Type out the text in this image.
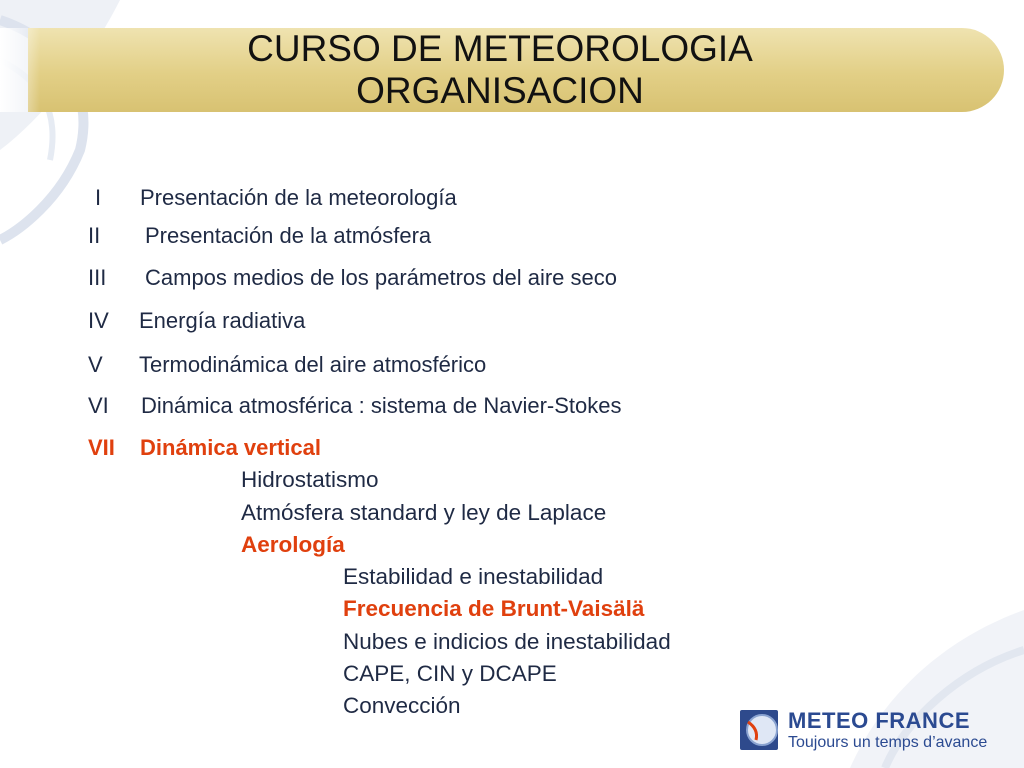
CURSO DE METEOROLOGIA
ORGANISACION
I Presentación de la meteorología
II Presentación de la atmósfera
III Campos medios de los parámetros del aire seco
IV Energía radiativa
V Termodinámica del aire atmosférico
VI Dinámica atmosférica : sistema de Navier-Stokes
VII Dinámica vertical
Hidrostatismo
Atmósfera standard y ley de Laplace
Aerología
Estabilidad e inestabilidad
Frecuencia de Brunt-Vaisälä
Nubes e indicios de inestabilidad
CAPE, CIN y DCAPE
Convección
METEO FRANCE
Toujours un temps d’avance
